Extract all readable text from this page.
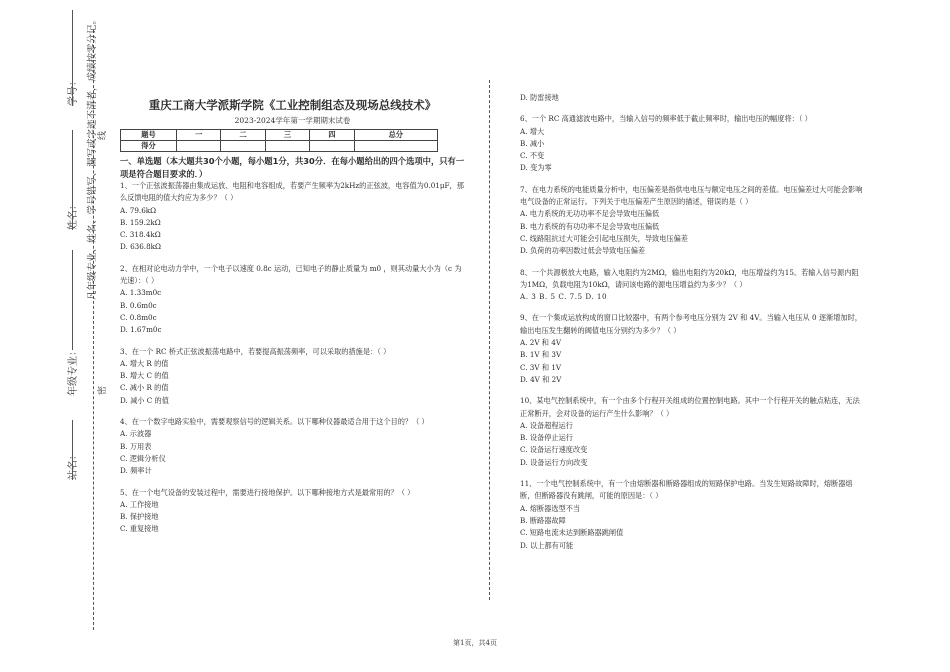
学号： 凡年级专业、姓名、学号错写、漏写或字迹不清者，成绩按零分记。 线
密
姓名：
年级专业：
站名：
重庆工商大学派斯学院《工业控制组态及现场总线技术》
2023-2024学年第一学期期末试卷
题号	一	二	三	四	总分
得分					
一、单选题（本大题共30个小题，每小题1分，共30分．在每小题给出的四个选项中，只有一项是符合题目要求的．）
1、一个正弦波振荡器由集成运放、电阻和电容组成，若要产生频率为2kHz的正弦波，电容值为0.01μF，那么反馈电阻的值大约应为多少？（ ）
A. 79.6kΩ
B. 159.2kΩ
C. 318.4kΩ
D. 636.8kΩ
2、在相对论电动力学中，一个电子以速度 0.8c 运动，已知电子的静止质量为 m0 ，则其动量大小为（c 为光速）：（ ）
A. 1.33m0c
B. 0.6m0c
C. 0.8m0c
D. 1.67m0c
3、在一个 RC 桥式正弦波振荡电路中，若要提高振荡频率，可以采取的措施是：（ ）
A. 增大 R 的值
B. 增大 C 的值
C. 减小 R 的值
D. 减小 C 的值
4、在一个数字电路实验中，需要观察信号的逻辑关系。以下哪种仪器最适合用于这个目的？（ ）
A. 示波器
B. 万用表
C. 逻辑分析仪
D. 频率计
5、在一个电气设备的安装过程中，需要进行接地保护。以下哪种接地方式是最常用的？（ ）
A. 工作接地
B. 保护接地
C. 重复接地
D. 防雷接地
6、一个 RC 高通滤波电路中，当输入信号的频率低于截止频率时，输出电压的幅度将：（ ）
A. 增大
B. 减小
C. 不变
D. 变为零
7、在电力系统的电能质量分析中，电压偏差是指供电电压与额定电压之间的差值。电压偏差过大可能会影响电气设备的正常运行。下列关于电压偏差产生原因的描述，错误的是（ ）
A. 电力系统的无功功率不足会导致电压偏低
B. 电力系统的有功功率不足会导致电压偏低
C. 线路阻抗过大可能会引起电压损失，导致电压偏差
D. 负荷的功率因数过低会导致电压偏差
8、一个共源极放大电路，输入电阻约为2MΩ，输出电阻约为20kΩ，电压增益约为15。若输入信号源内阻为1MΩ，负载电阻为10kΩ，请问该电路的源电压增益约为多少？（ ）
A. 3 B. 5 C. 7.5 D. 10
9、在一个集成运放构成的窗口比较器中，有两个参考电压分别为 2V 和 4V。当输入电压从 0 逐渐增加时，输出电压发生翻转的阈值电压分别约为多少？（ ）
A. 2V 和 4V
B. 1V 和 3V
C. 3V 和 1V
D. 4V 和 2V
10、某电气控制系统中，有一个由多个行程开关组成的位置控制电路。其中一个行程开关的触点粘连，无法正常断开，会对设备的运行产生什么影响？（ ）
A. 设备超程运行
B. 设备停止运行
C. 设备运行速度改变
D. 设备运行方向改变
11、一个电气控制系统中，有一个由熔断器和断路器组成的短路保护电路。当发生短路故障时，熔断器熔断，但断路器没有跳闸，可能的原因是：（ ）
A. 熔断器选型不当
B. 断路器故障
C. 短路电流未达到断路器跳闸值
D. 以上都有可能
第1页，共4页
